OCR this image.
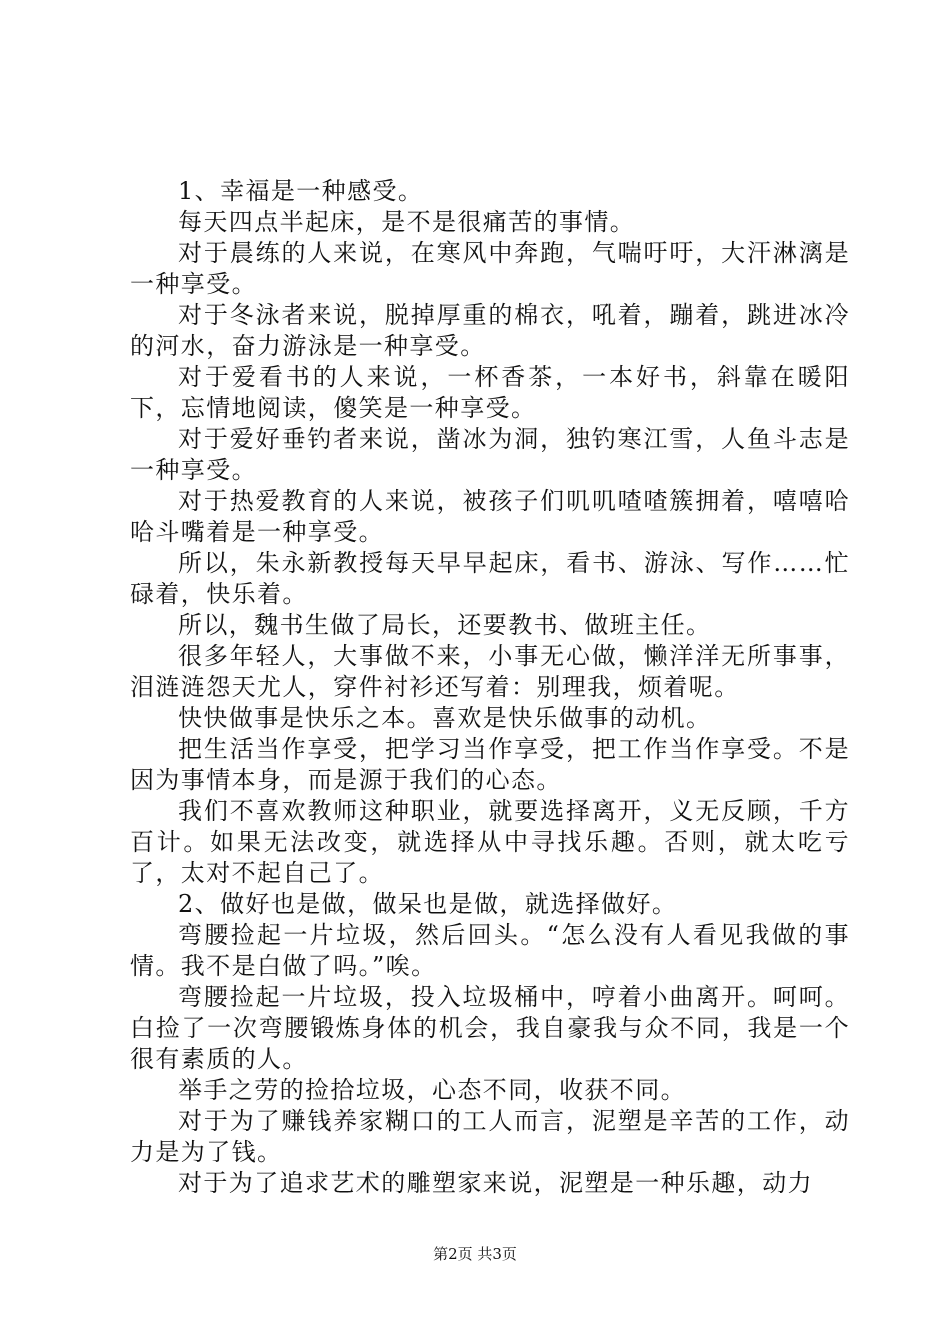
1、幸福是一种感受。

每天四点半起床，是不是很痛苦的事情。

对于晨练的人来说，在寒风中奔跑，气喘吁吁，大汗淋漓是一种享受。

对于冬泳者来说，脱掉厚重的棉衣，吼着，蹦着，跳进冰冷的河水，奋力游泳是一种享受。

对于爱看书的人来说，一杯香茶，一本好书，斜靠在暖阳下，忘情地阅读，傻笑是一种享受。

对于爱好垂钓者来说，凿冰为洞，独钓寒江雪，人鱼斗志是一种享受。

对于热爱教育的人来说，被孩子们叽叽喳喳簇拥着，嘻嘻哈哈斗嘴着是一种享受。

所以，朱永新教授每天早早起床，看书、游泳、写作……忙碌着，快乐着。

所以，魏书生做了局长，还要教书、做班主任。

很多年轻人，大事做不来，小事无心做，懒洋洋无所事事，泪涟涟怨天尤人，穿件衬衫还写着：别理我，烦着呢。

快快做事是快乐之本。喜欢是快乐做事的动机。

把生活当作享受，把学习当作享受，把工作当作享受。不是因为事情本身，而是源于我们的心态。

我们不喜欢教师这种职业，就要选择离开，义无反顾，千方百计。如果无法改变，就选择从中寻找乐趣。否则，就太吃亏了，太对不起自己了。

2、做好也是做，做呆也是做，就选择做好。

弯腰捡起一片垃圾，然后回头。“怎么没有人看见我做的事情。我不是白做了吗。”唉。

弯腰捡起一片垃圾，投入垃圾桶中，哼着小曲离开。呵呵。白捡了一次弯腰锻炼身体的机会，我自豪我与众不同，我是一个很有素质的人。

举手之劳的捡拾垃圾，心态不同，收获不同。

对于为了赚钱养家糊口的工人而言，泥塑是辛苦的工作，动力是为了钱。

对于为了追求艺术的雕塑家来说，泥塑是一种乐趣，动力

第2页 共3页
